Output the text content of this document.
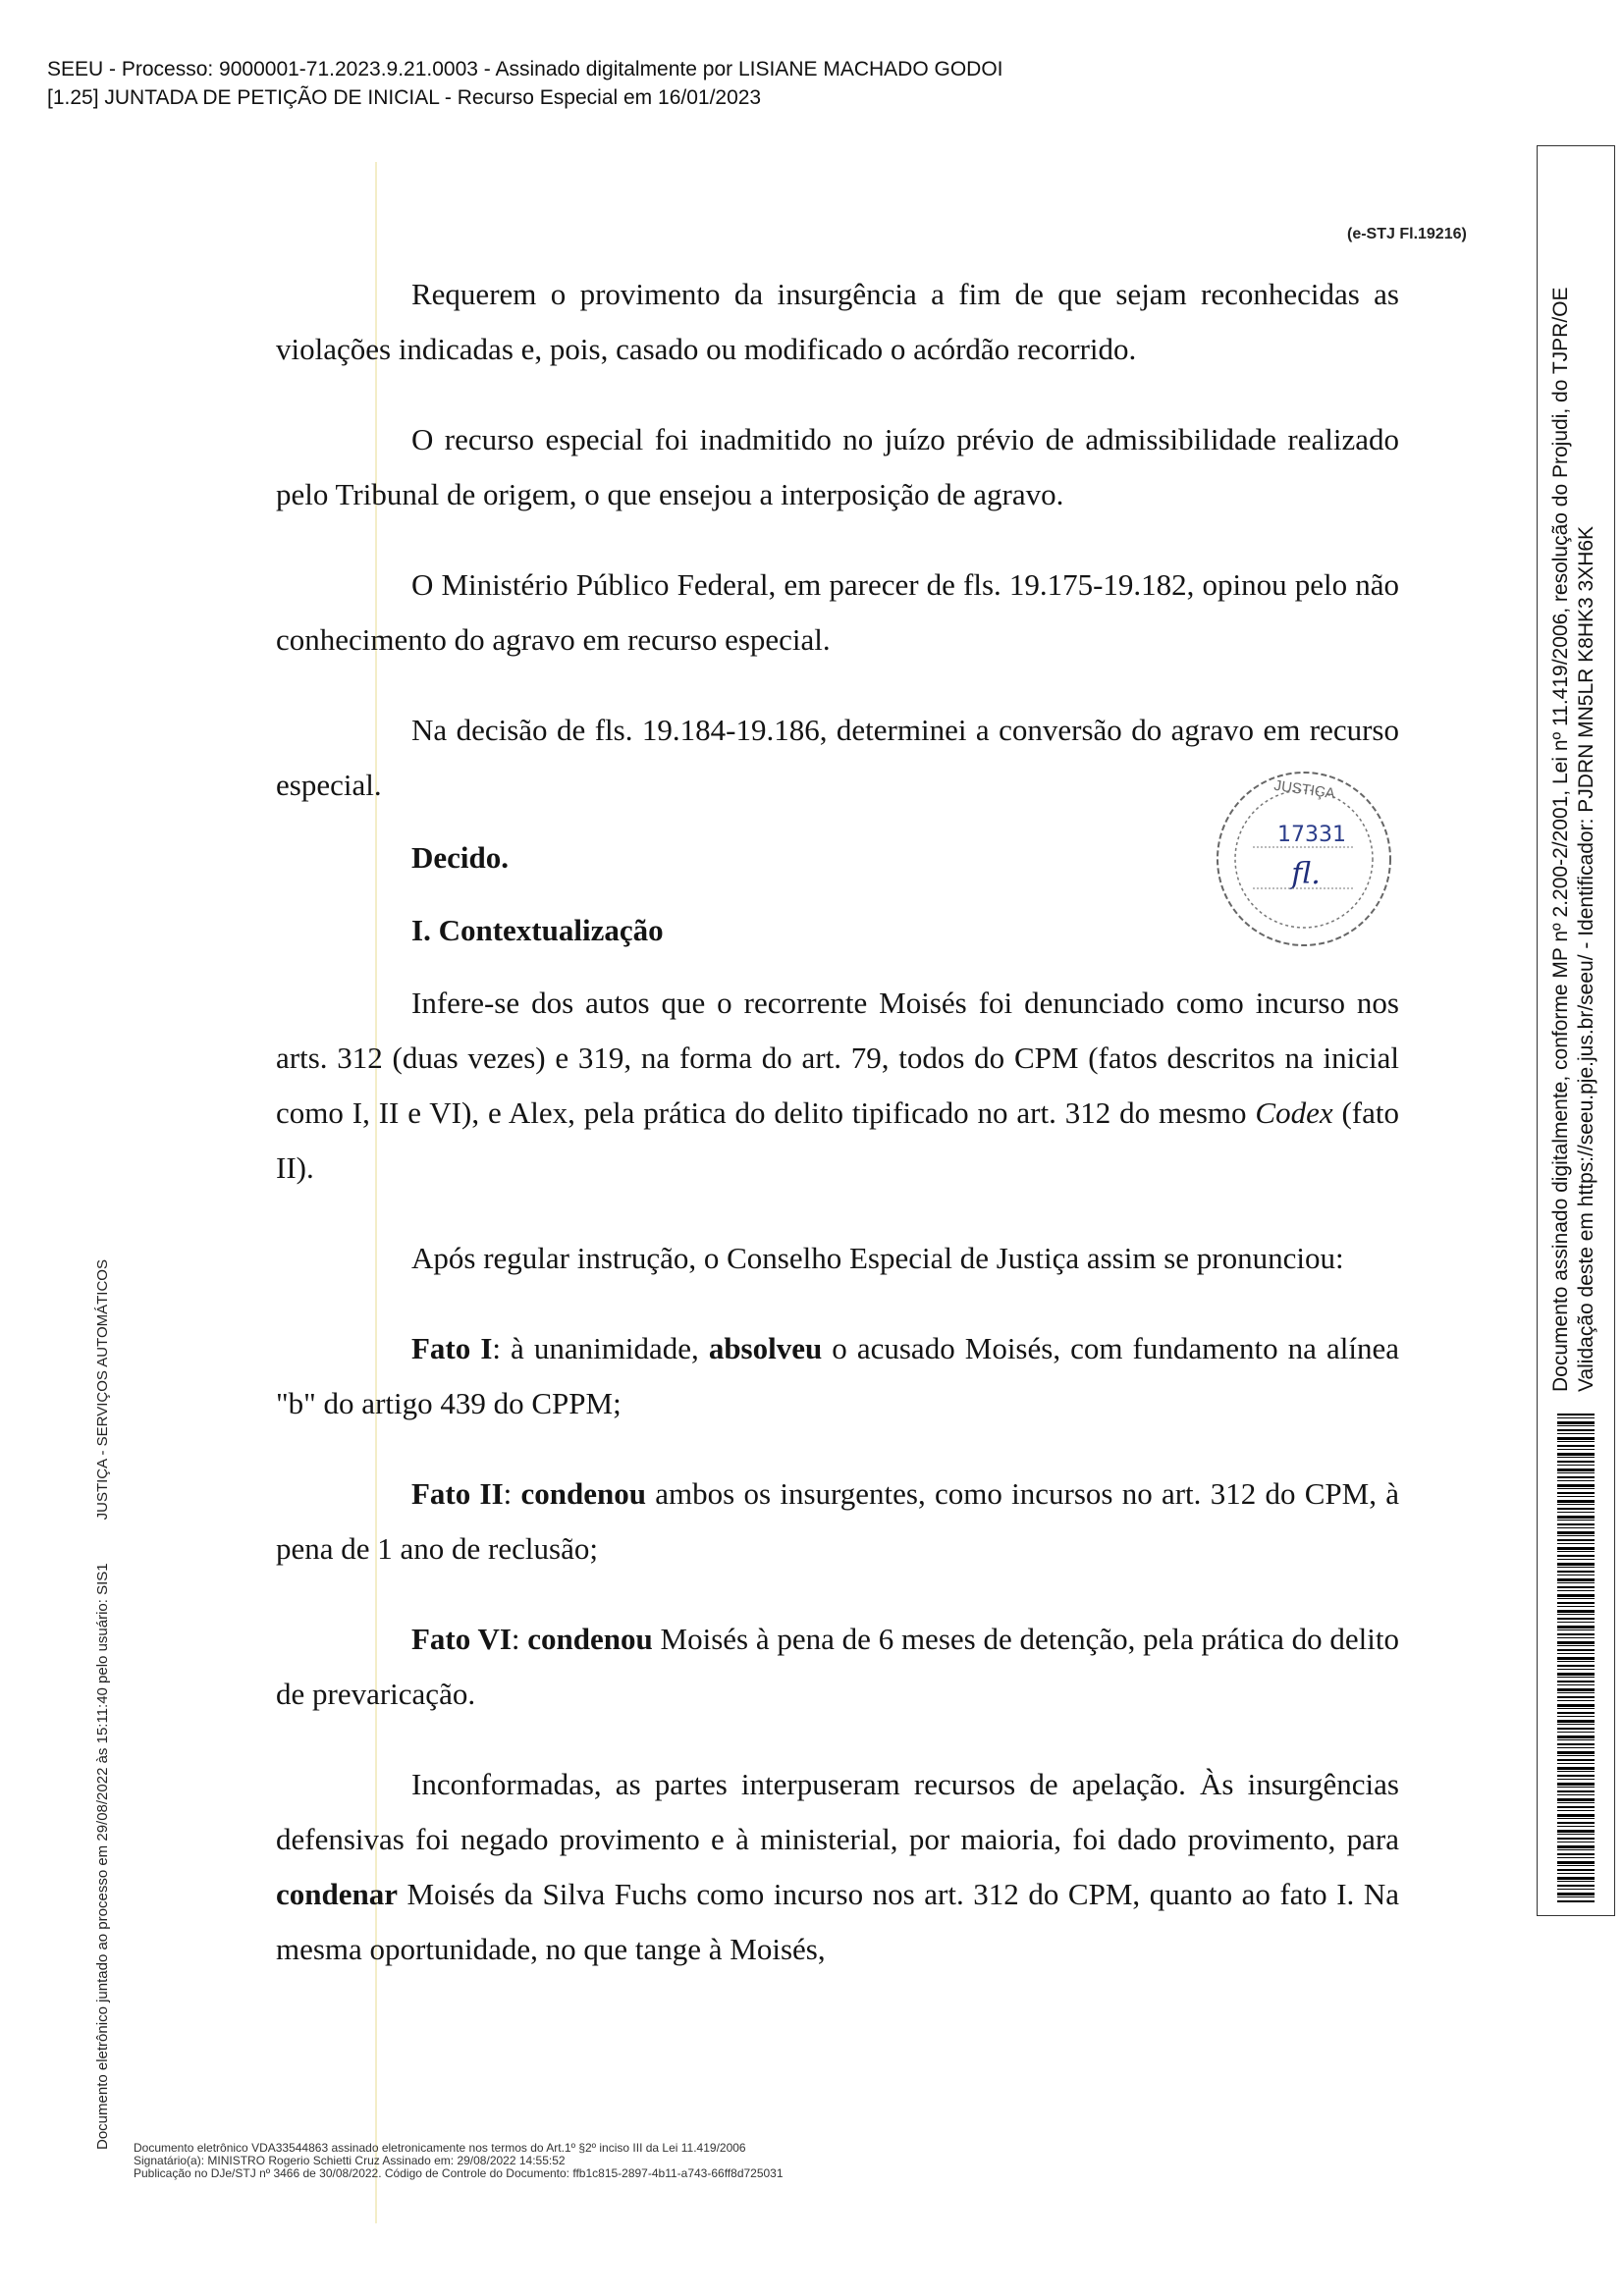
SEEU - Processo: 9000001-71.2023.9.21.0003 - Assinado digitalmente por LISIANE MACHADO GODOI
[1.25] JUNTADA DE PETIÇÃO DE INICIAL - Recurso Especial em 16/01/2023
(e-STJ Fl.19216)

Requerem o provimento da insurgência a fim de que sejam reconhecidas as violações indicadas e, pois, casado ou modificado o acórdão recorrido.

O recurso especial foi inadmitido no juízo prévio de admissibilidade realizado pelo Tribunal de origem, o que ensejou a interposição de agravo.

O Ministério Público Federal, em parecer de fls. 19.175-19.182, opinou pelo não conhecimento do agravo em recurso especial.

Na decisão de fls. 19.184-19.186, determinei a conversão do agravo em recurso especial.

Decido.

I. Contextualização

Infere-se dos autos que o recorrente Moisés foi denunciado como incurso nos arts. 312 (duas vezes) e 319, na forma do art. 79, todos do CPM (fatos descritos na inicial como I, II e VI), e Alex, pela prática do delito tipificado no art. 312 do mesmo Codex (fato II).

Após regular instrução, o Conselho Especial de Justiça assim se pronunciou:

Fato I: à unanimidade, absolveu o acusado Moisés, com fundamento na alínea "b" do artigo 439 do CPPM;

Fato II: condenou ambos os insurgentes, como incursos no art. 312 do CPM, à pena de 1 ano de reclusão;

Fato VI: condenou Moisés à pena de 6 meses de detenção, pela prática do delito de prevaricação.

Inconformadas, as partes interpuseram recursos de apelação. Às insurgências defensivas foi negado provimento e à ministerial, por maioria, foi dado provimento, para condenar Moisés da Silva Fuchs como incurso nos art. 312 do CPM, quanto ao fato I. Na mesma oportunidade, no que tange à Moisés,

JUSTIÇA
17331
fl.
Documento eletrônico juntado ao processo em 29/08/2022 às 15:11:40 pelo usuário: SIS1JUSTIÇA - SERVIÇOS AUTOMÁTICOS	Documento assinado digitalmente, conforme MP nº 2.200-2/2001, Lei nº 11.419/2006, resolução do Projudi, do TJPR/OE Validação deste em https://seeu.pje.jus.br/seeu/ - Identificador: PJDRN MN5LR K8HK3 3XH6K
Documento eletrônico VDA33544863 assinado eletronicamente nos termos do Art.1º §2º inciso III da Lei 11.419/2006
Signatário(a): MINISTRO Rogerio Schietti Cruz Assinado em: 29/08/2022 14:55:52
Publicação no DJe/STJ nº 3466 de 30/08/2022. Código de Controle do Documento: ffb1c815-2897-4b11-a743-66ff8d725031
